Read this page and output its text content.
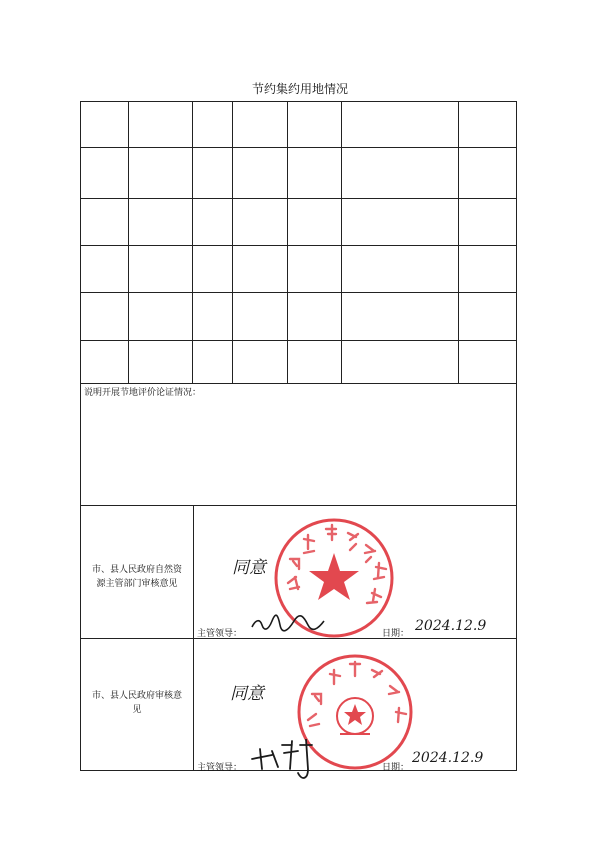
节约集约用地情况
说明开展节地评价论证情况：
市、县人民政府自然资源主管部门审核意见
同意
主管领导：	日期： 2024.12.9
市、县人民政府审核意见
同意
主管领导：	日期：
2024.12.9
